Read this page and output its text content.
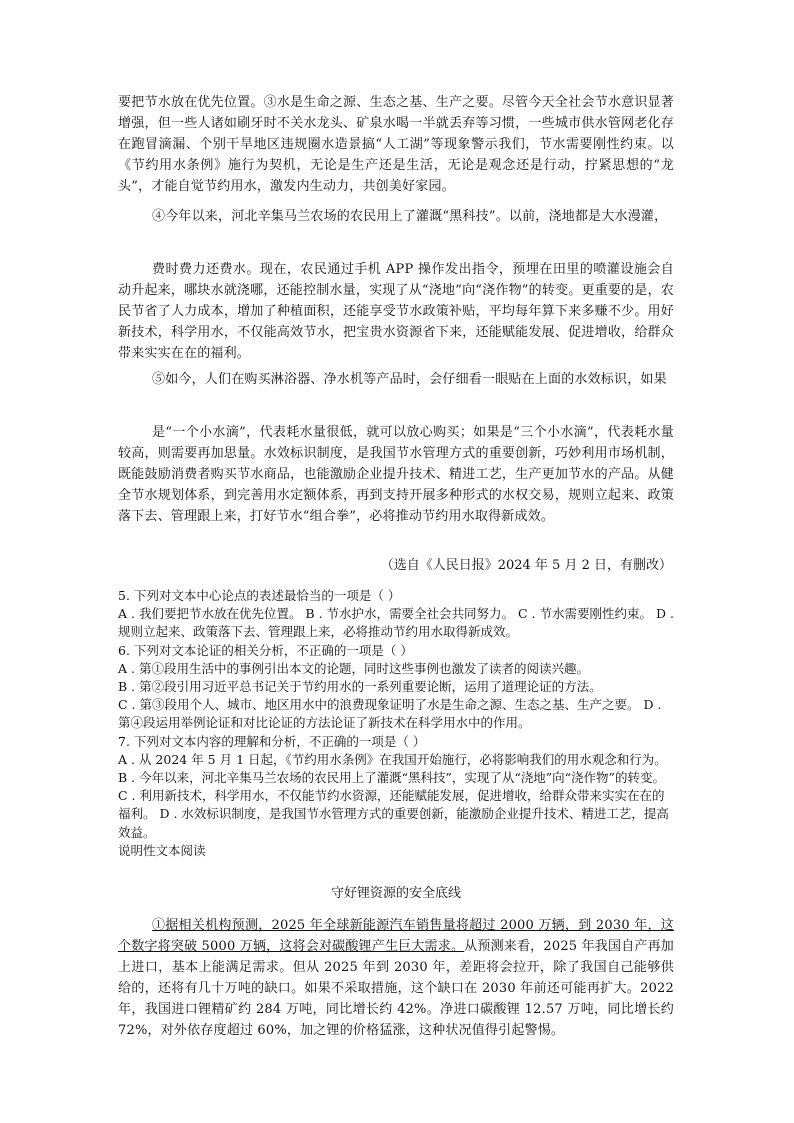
要把节水放在优先位置。③水是生命之源、生态之基、生产之要。尽管今天全社会节水意识显著增强，但一些人诸如刷牙时不关水龙头、矿泉水喝一半就丢弃等习惯，一些城市供水管网老化存在跑冒滴漏、个别干旱地区违规圈水造景搞“人工湖”等现象警示我们，节水需要刚性约束。以《节约用水条例》施行为契机，无论是生产还是生活，无论是观念还是行动，拧紧思想的“龙头”，才能自觉节约用水，激发内生动力，共创美好家园。

④今年以来，河北辛集马兰农场的农民用上了灌溉“黑科技”。以前，浇地都是大水漫灌，

费时费力还费水。现在，农民通过手机 APP 操作发出指令，预埋在田里的喷灌设施会自动升起来，哪块水就浇哪，还能控制水量，实现了从“浇地”向“浇作物”的转变。更重要的是，农民节省了人力成本，增加了种植面积，还能享受节水政策补贴，平均每年算下来多赚不少。用好新技术，科学用水，不仅能高效节水，把宝贵水资源省下来，还能赋能发展、促进增收，给群众带来实实在在的福利。

⑤如今，人们在购买淋浴器、净水机等产品时，会仔细看一眼贴在上面的水效标识，如果

是“一个小水滴”，代表耗水量很低，就可以放心购买；如果是“三个小水滴”，代表耗水量较高，则需要再加思量。水效标识制度，是我国节水管理方式的重要创新，巧妙利用市场机制，既能鼓励消费者购买节水商品，也能激励企业提升技术、精进工艺，生产更加节水的产品。从健全节水规划体系，到完善用水定额体系，再到支持开展多种形式的水权交易，规则立起来、政策落下去、管理跟上来，打好节水“组合拳”，必将推动节约用水取得新成效。

（选自《人民日报》2024 年 5 月 2 日，有删改）

5. 下列对文本中心论点的表述最恰当的一项是（ ）

A . 我们要把节水放在优先位置。 B . 节水护水，需要全社会共同努力。 C . 节水需要刚性约束。 D . 规则立起来、政策落下去、管理跟上来，必将推动节约用水取得新成效。

6. 下列对文本论证的相关分析，不正确的一项是（ ）

A . 第①段用生活中的事例引出本文的论题，同时这些事例也激发了读者的阅读兴趣。

B . 第②段引用习近平总书记关于节约用水的一系列重要论断，运用了道理论证的方法。

C . 第③段用个人、城市、地区用水中的浪费现象证明了水是生命之源、生态之基、生产之要。 D . 第④段运用举例论证和对比论证的方法论证了新技术在科学用水中的作用。

7. 下列对文本内容的理解和分析，不正确的一项是（ ）

A . 从 2024 年 5 月 1 日起，《节约用水条例》在我国开始施行，必将影响我们的用水观念和行为。 B . 今年以来，河北辛集马兰农场的农民用上了灌溉“黑科技”，实现了从“浇地”向“浇作物”的转变。 C . 利用新技术，科学用水，不仅能节约水资源，还能赋能发展，促进增收，给群众带来实实在在的福利。 D . 水效标识制度，是我国节水管理方式的重要创新，能激励企业提升技术、精进工艺，提高效益。

说明性文本阅读

守好锂资源的安全底线

①据相关机构预测，2025 年全球新能源汽车销售量将超过 2000 万辆，到 2030 年，这个数字将突破 5000 万辆，这将会对碳酸锂产生巨大需求。从预测来看，2025 年我国自产再加上进口，基本上能满足需求。但从 2025 年到 2030 年，差距将会拉开，除了我国自己能够供给的，还将有几十万吨的缺口。如果不采取措施，这个缺口在 2030 年前还可能再扩大。2022 年，我国进口锂精矿约 284 万吨，同比增长约 42%。净进口碳酸锂 12.57 万吨，同比增长约 72%，对外依存度超过 60%，加之锂的价格猛涨，这种状况值得引起警惕。
